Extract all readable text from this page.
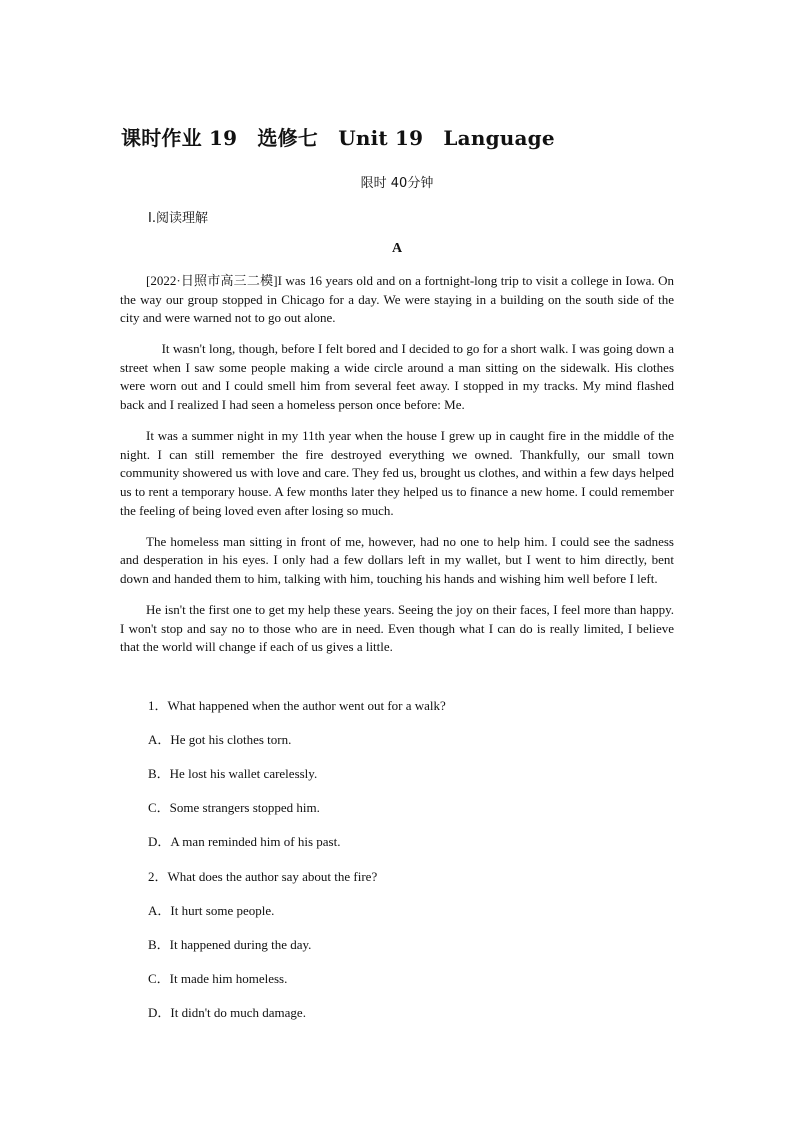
课时作业 19　选修七　Unit 19　Language
限时 40分钟
Ⅰ.阅读理解
A

[2022·日照市高三二模]I was 16 years old and on a fortnight-long trip to visit a college in Iowa. On the way our group stopped in Chicago for a day. We were staying in a building on the south side of the city and were warned not to go out alone.

It wasn't long, though, before I felt bored and I decided to go for a short walk. I was going down a street when I saw some people making a wide circle around a man sitting on the sidewalk. His clothes were worn out and I could smell him from several feet away. I stopped in my tracks. My mind flashed back and I realized I had seen a homeless person once before: Me.

It was a summer night in my 11th year when the house I grew up in caught fire in the middle of the night. I can still remember the fire destroyed everything we owned. Thankfully, our small town community showered us with love and care. They fed us, brought us clothes, and within a few days helped us to rent a temporary house. A few months later they helped us to finance a new home. I could remember the feeling of being loved even after losing so much.

The homeless man sitting in front of me, however, had no one to help him. I could see the sadness and desperation in his eyes. I only had a few dollars left in my wallet, but I went to him directly, bent down and handed them to him, talking with him, touching his hands and wishing him well before I left.

He isn't the first one to get my help these years. Seeing the joy on their faces, I feel more than happy. I won't stop and say no to those who are in need. Even though what I can do is really limited, I believe that the world will change if each of us gives a little.

1．What happened when the author went out for a walk?
A．He got his clothes torn.
B．He lost his wallet carelessly.
C．Some strangers stopped him.
D．A man reminded him of his past.
2．What does the author say about the fire?
A．It hurt some people.
B．It happened during the day.
C．It made him homeless.
D．It didn't do much damage.
